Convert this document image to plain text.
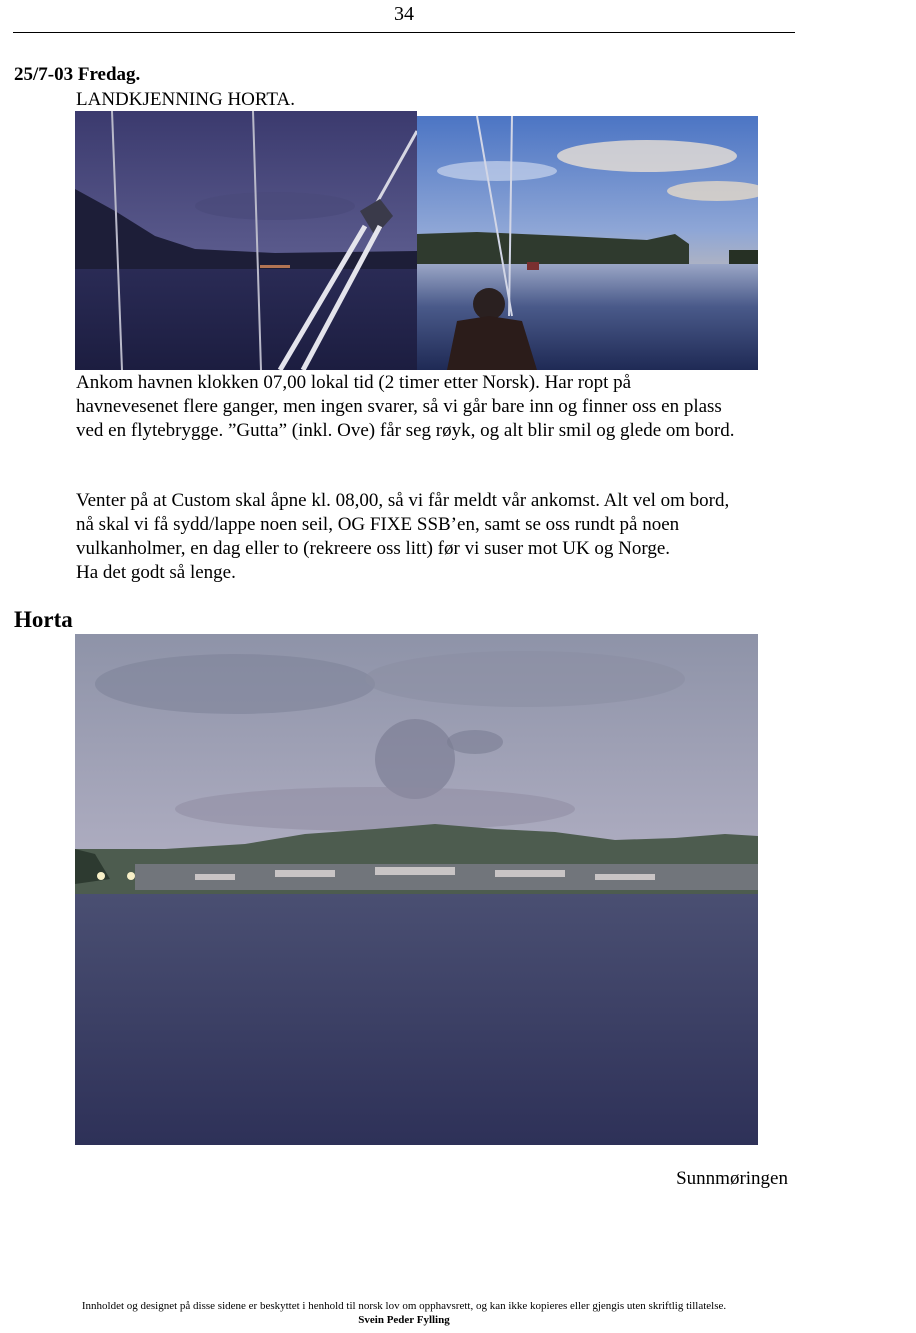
34
25/7-03 Fredag.
LANDKJENNING HORTA.

Ankom havnen klokken 07,00 lokal tid (2 timer etter Norsk). Har ropt på
havnevesenet flere ganger, men ingen svarer, så vi går bare inn og finner oss en plass
ved en flytebrygge. ”Gutta” (inkl. Ove) får seg røyk, og alt blir smil og glede om bord.

Venter på at Custom skal åpne kl. 08,00, så vi får meldt vår ankomst. Alt vel om bord,
nå skal vi få sydd/lappe noen seil, OG FIXE SSB’en, samt se oss rundt på noen
vulkanholmer, en dag eller to (rekreere oss litt) før vi suser mot UK og Norge.
Ha det godt så lenge.

Horta
Sunnmøringen
Innholdet og designet på disse sidene er beskyttet i henhold til norsk lov om opphavsrett, og kan ikke kopieres eller gjengis uten skriftlig tillatelse.
Svein Peder Fylling
